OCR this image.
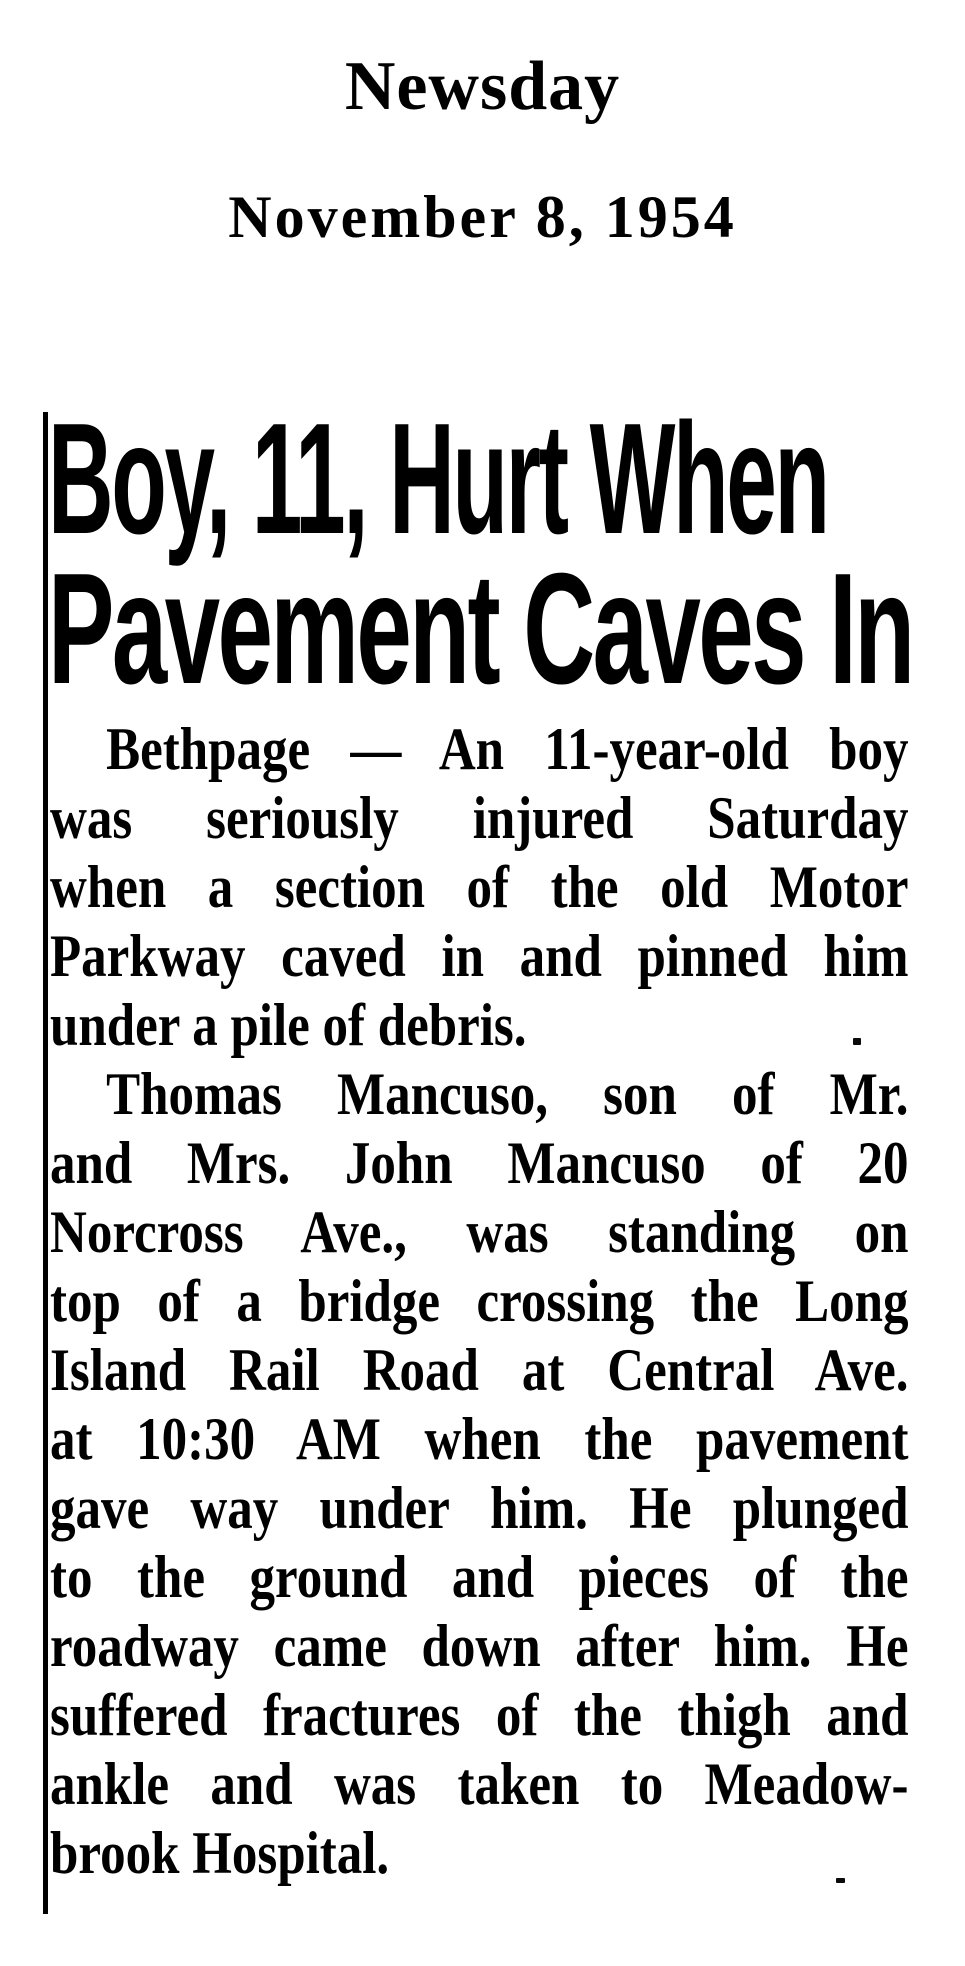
Newsday
November 8, 1954
Boy, 11, Hurt When
Pavement Caves In
Bethpage — An 11-year-old boy
was seriously injured Saturday
when a section of the old Motor
Parkway caved in and pinned him
under a pile of debris.
Thomas Mancuso, son of Mr.
and Mrs. John Mancuso of 20
Norcross Ave., was standing on
top of a bridge crossing the Long
Island Rail Road at Central Ave.
at 10:30 AM when the pavement
gave way under him. He plunged
to the ground and pieces of the
roadway came down after him. He
suffered fractures of the thigh and
ankle and was taken to Meadow-
brook Hospital.
